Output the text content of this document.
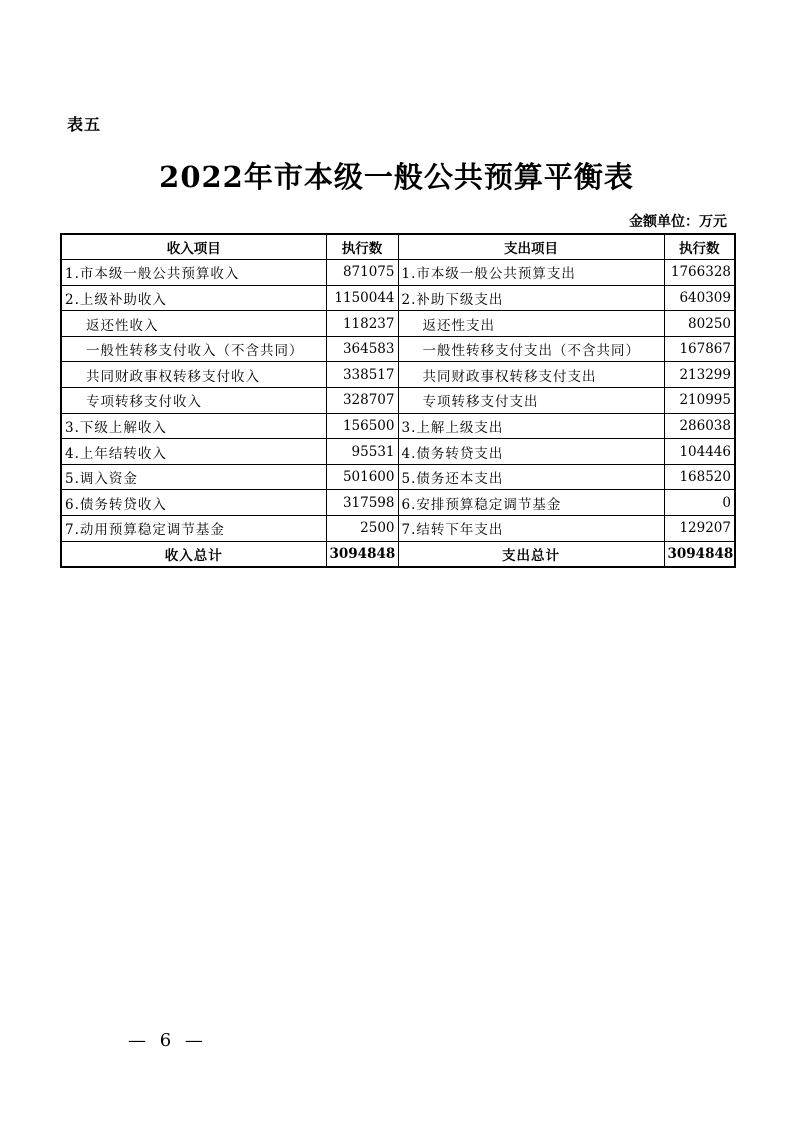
表五
2022年市本级一般公共预算平衡表
金额单位：万元
收入项目	执行数	支出项目	执行数
1.市本级一般公共预算收入	871075	1.市本级一般公共预算支出	1766328
2.上级补助收入	1150044	2.补助下级支出	640309
返还性收入	118237	返还性支出	80250
一般性转移支付收入（不含共同）	364583	一般性转移支付支出（不含共同）	167867
共同财政事权转移支付收入	338517	共同财政事权转移支付支出	213299
专项转移支付收入	328707	专项转移支付支出	210995
3.下级上解收入	156500	3.上解上级支出	286038
4.上年结转收入	95531	4.债务转贷支出	104446
5.调入资金	501600	5.债务还本支出	168520
6.债务转贷收入	317598	6.安排预算稳定调节基金	0
7.动用预算稳定调节基金	2500	7.结转下年支出	129207
收入总计	3094848	支出总计	3094848
— 6 —
